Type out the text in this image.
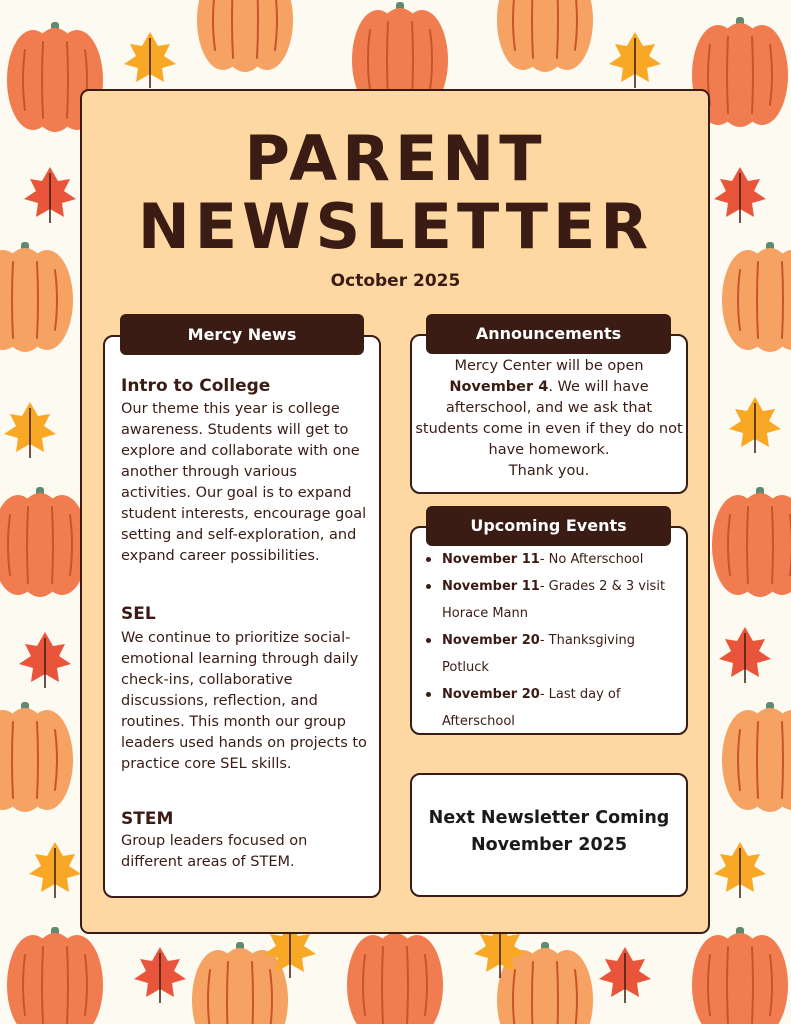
PARENT
NEWSLETTER
October 2025
Mercy News
Intro to College
Our theme this year is college awareness. Students will get to explore and collaborate with one another through various activities. Our goal is to expand student interests, encourage goal setting and self-exploration, and expand career possibilities.
SEL
We continue to prioritize social-emotional learning through daily check-ins, collaborative discussions, reflection, and routines. This month our group leaders used hands on projects to practice core SEL skills.
STEM
Group leaders focused on different areas of STEM.
Announcements
Mercy Center will be open November 4. We will have afterschool, and we ask that students come in even if they do not have homework.
Thank you.
Upcoming Events
November 11- No Afterschool
November 11- Grades 2 & 3 visit Horace Mann
November 20- Thanksgiving Potluck
November 20- Last day of Afterschool
Next Newsletter Coming
November 2025
